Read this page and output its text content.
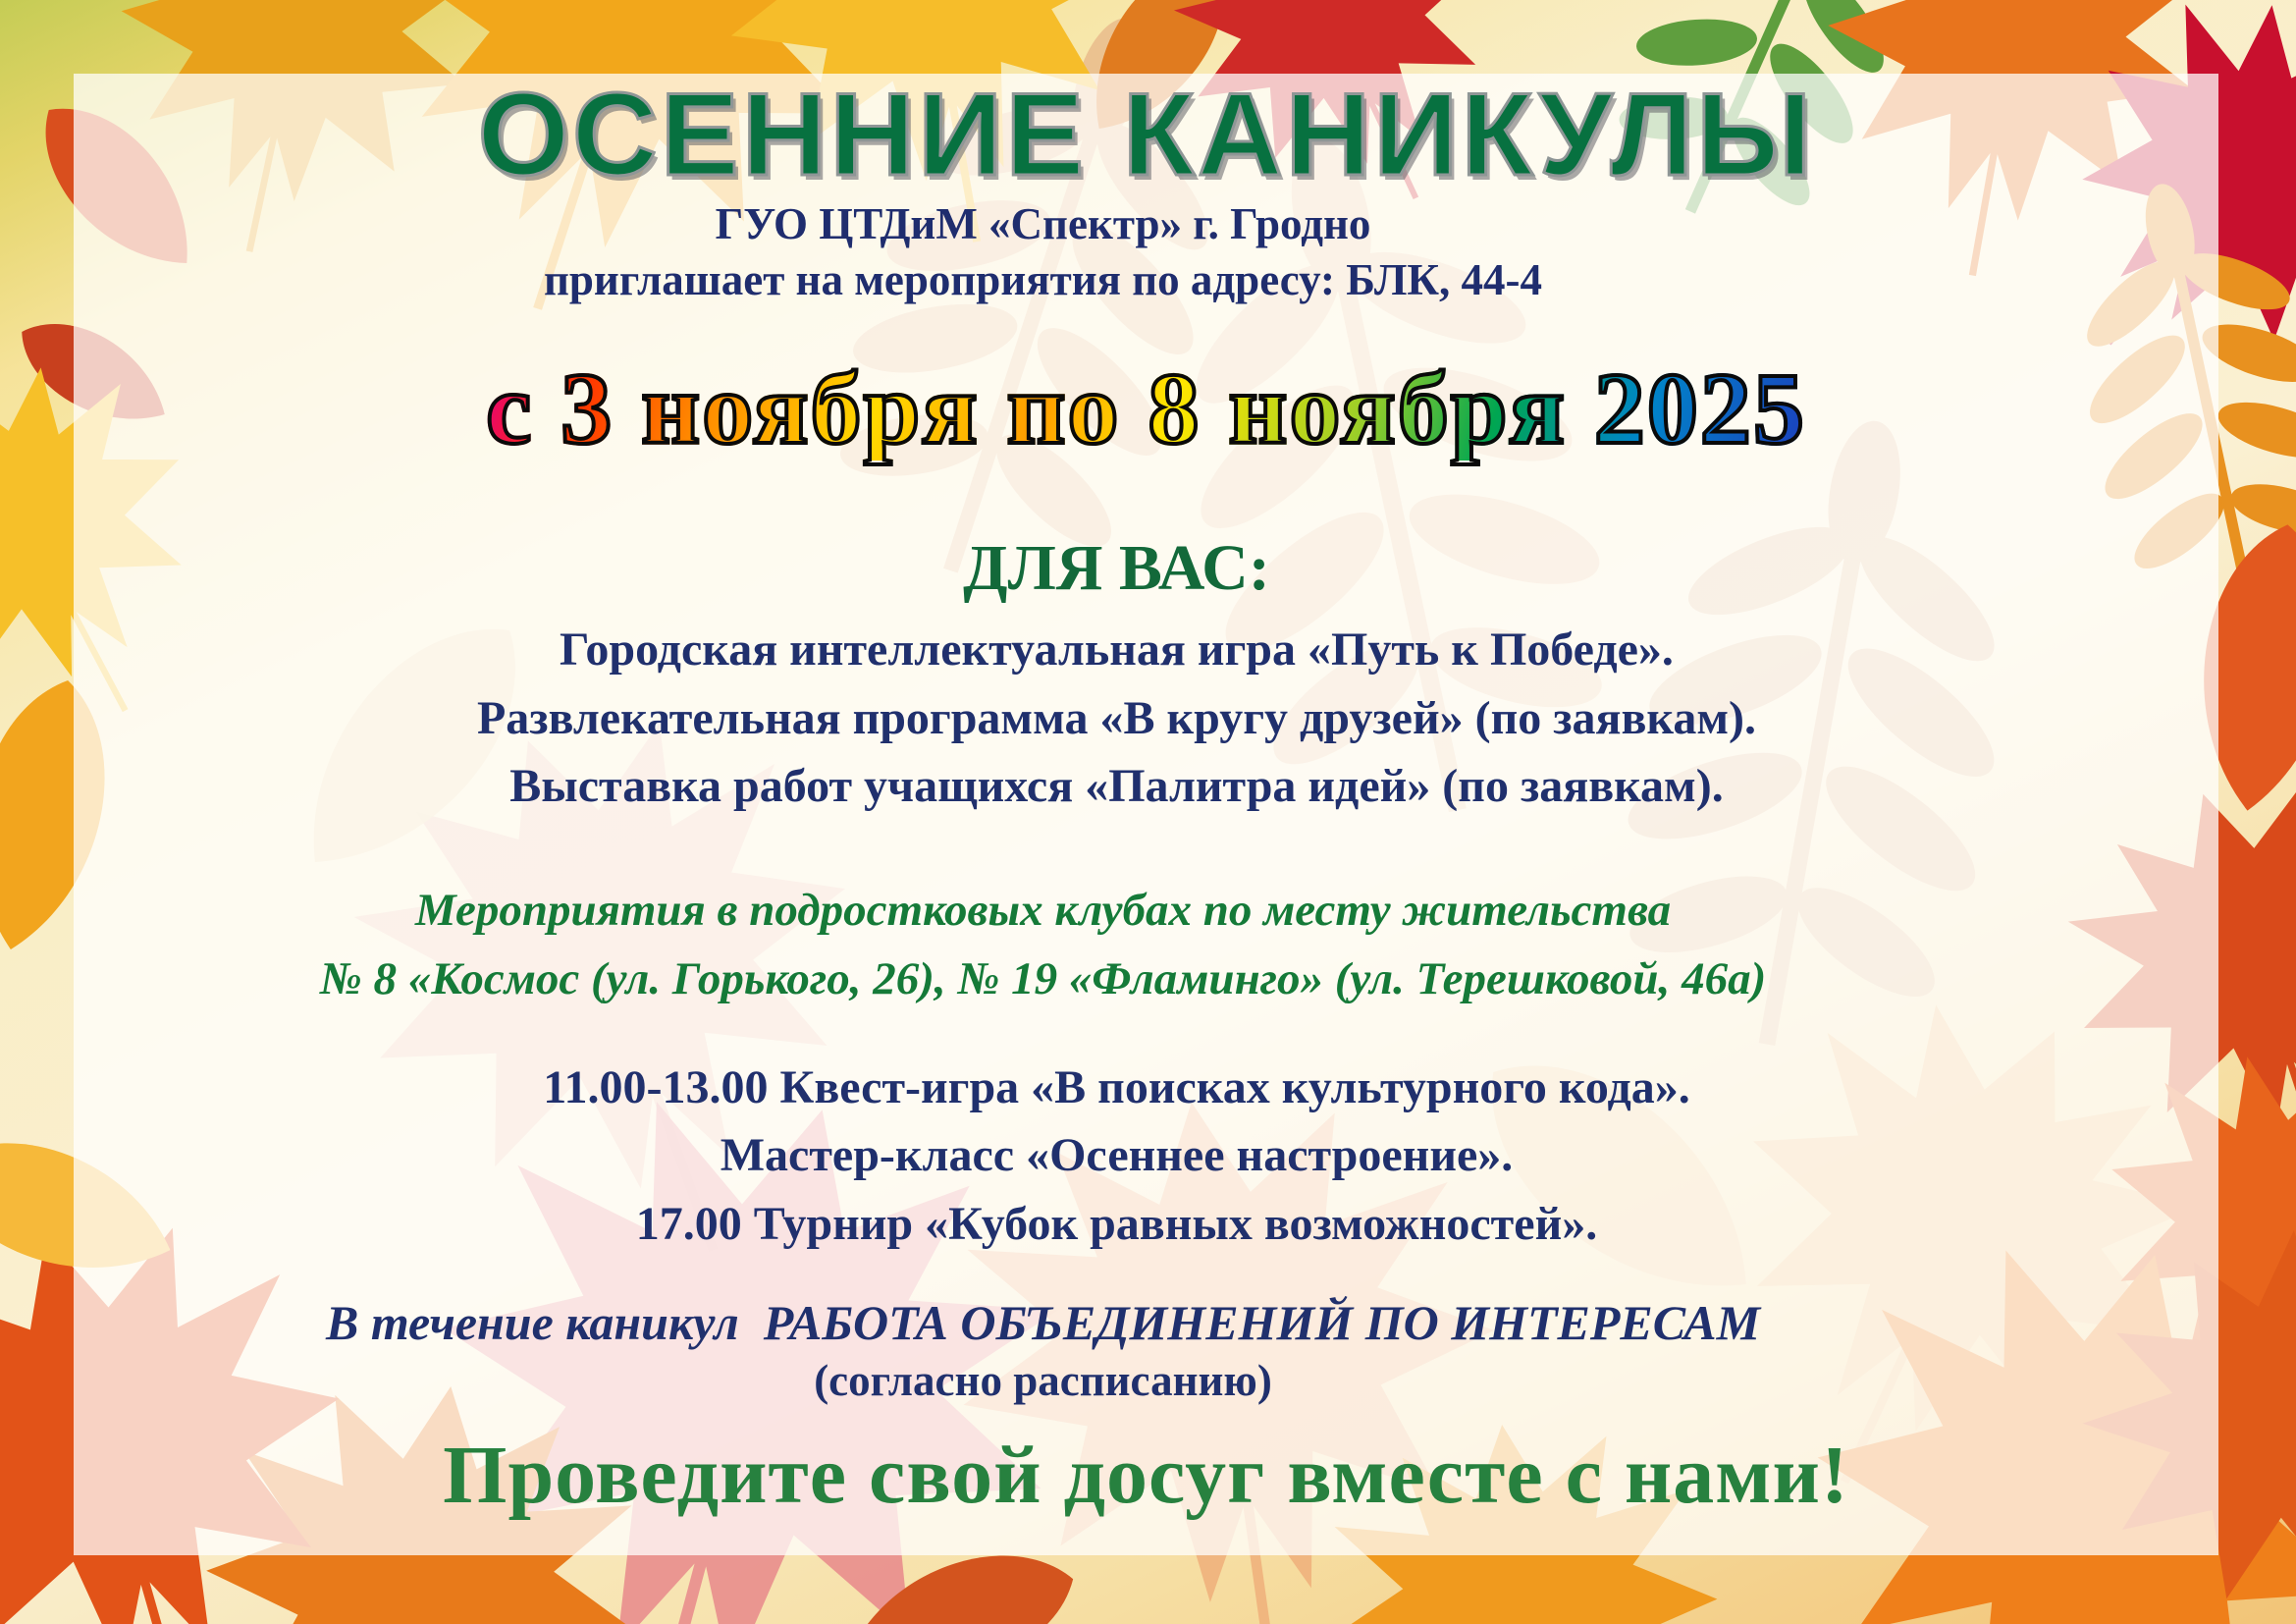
ОСЕННИЕ КАНИКУЛЫ
ГУО ЦТДиМ «Спектр» г. Гродно
приглашает на мероприятия по адресу: БЛК, 44-4
с 3 ноября по 8 ноября 2025
ДЛЯ ВАС:
Городская интеллектуальная игра «Путь к Победе».
Развлекательная программа «В кругу друзей» (по заявкам).
Выставка работ учащихся «Палитра идей» (по заявкам).
Мероприятия в подростковых клубах по месту жительства
№ 8 «Космос (ул. Горького, 26), № 19 «Фламинго» (ул. Терешковой, 46а)
11.00-13.00 Квест-игра «В поисках культурного кода».
Мастер-класс «Осеннее настроение».
17.00 Турнир «Кубок равных возможностей».
В течение каникул  РАБОТА ОБЪЕДИНЕНИЙ ПО ИНТЕРЕСАМ
(согласно расписанию)
Проведите свой досуг вместе с нами!
